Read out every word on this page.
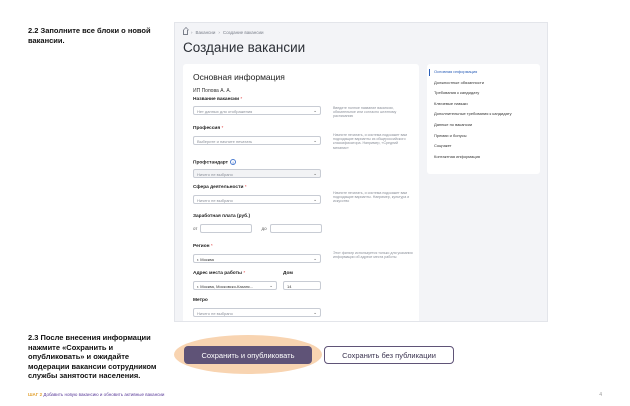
2.2 Заполните все блоки о новой вакансии.
› Вакансии › Создание вакансии
Создание вакансии
Основная информация
ИП Попова А. А.
Название вакансии *
Нет данных для отображения	⌄	Введите полное название вакансии, обязательное или согласно штатному расписанию
Профессия *
Выберите и начните печатать	⌄
Начните печатать, и система подскажет вам подходящие варианты из общероссийского классификатора. Например, «Средний механик»
Профстандарт i
Ничего не выбрано	⌄
Сфера деятельности *
Ничего не выбрано	⌄
Начните печатать, и система подскажет вам подходящие варианты. Например, культура и искусство
Заработная плата (руб.)
от	до
Регион *
г. Москва	⌄
Этот фильтр используется только для указания информации об адресе места работы
Адрес места работы *	Дом
г. Москва, Московско-Казанс...	⌄	14
Метро
Ничего не выбрано	⌄
Основная информация
Должностные обязанности
Требования к кандидату
Ключевые навыки
Дополнительные требования к кандидату
Данные по вакансии
Премии и бонусы
Соцпакет
Контактная информация
2.3 После внесения информации нажмите «Сохранить и опубликовать» и ожидайте модерации вакансии сотрудником службы занятости населения.
Сохранить и опубликовать	Сохранить без публикации
ШАГ 2 Добавить новую вакансию и обновить активные вакансии	4
